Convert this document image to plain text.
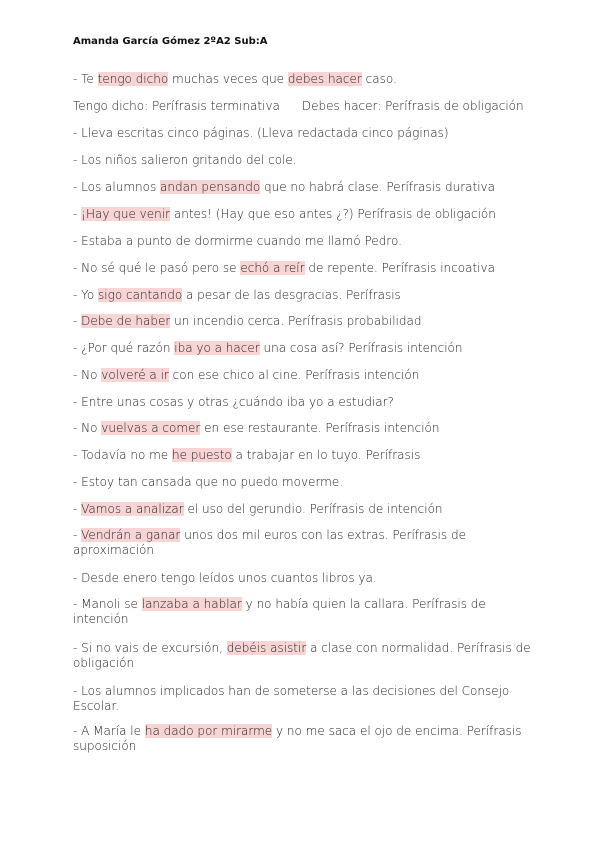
Amanda García Gómez 2ºA2 Sub:A
- Te tengo dicho muchas veces que debes hacer caso.
Tengo dicho: Perífrasis terminativa Debes hacer: Perífrasis de obligación
- Lleva escritas cinco páginas. (Lleva redactada cinco páginas)
- Los niños salieron gritando del cole.
- Los alumnos andan pensando que no habrá clase. Perífrasis durativa
- ¡Hay que venir antes! (Hay que eso antes ¿?) Perífrasis de obligación
- Estaba a punto de dormirme cuando me llamó Pedro.
- No sé qué le pasó pero se echó a reír de repente. Perífrasis incoativa
- Yo sigo cantando a pesar de las desgracias. Perífrasis
- Debe de haber un incendio cerca. Perífrasis probabilidad
- ¿Por qué razón iba yo a hacer una cosa así? Perífrasis intención
- No volveré a ir con ese chico al cine. Perífrasis intención
- Entre unas cosas y otras ¿cuándo iba yo a estudiar?
- No vuelvas a comer en ese restaurante. Perífrasis intención
- Todavía no me he puesto a trabajar en lo tuyo. Perífrasis
- Estoy tan cansada que no puedo moverme.
- Vamos a analizar el uso del gerundio. Perífrasis de intención
- Vendrán a ganar unos dos mil euros con las extras. Perífrasis de aproximación
- Desde enero tengo leídos unos cuantos libros ya.
- Manoli se lanzaba a hablar y no había quien la callara. Perífrasis de intención
- Si no vais de excursión, debéis asistir a clase con normalidad. Perífrasis de obligación
- Los alumnos implicados han de someterse a las decisiones del Consejo Escolar.
- A María le ha dado por mirarme y no me saca el ojo de encima. Perífrasis suposición
